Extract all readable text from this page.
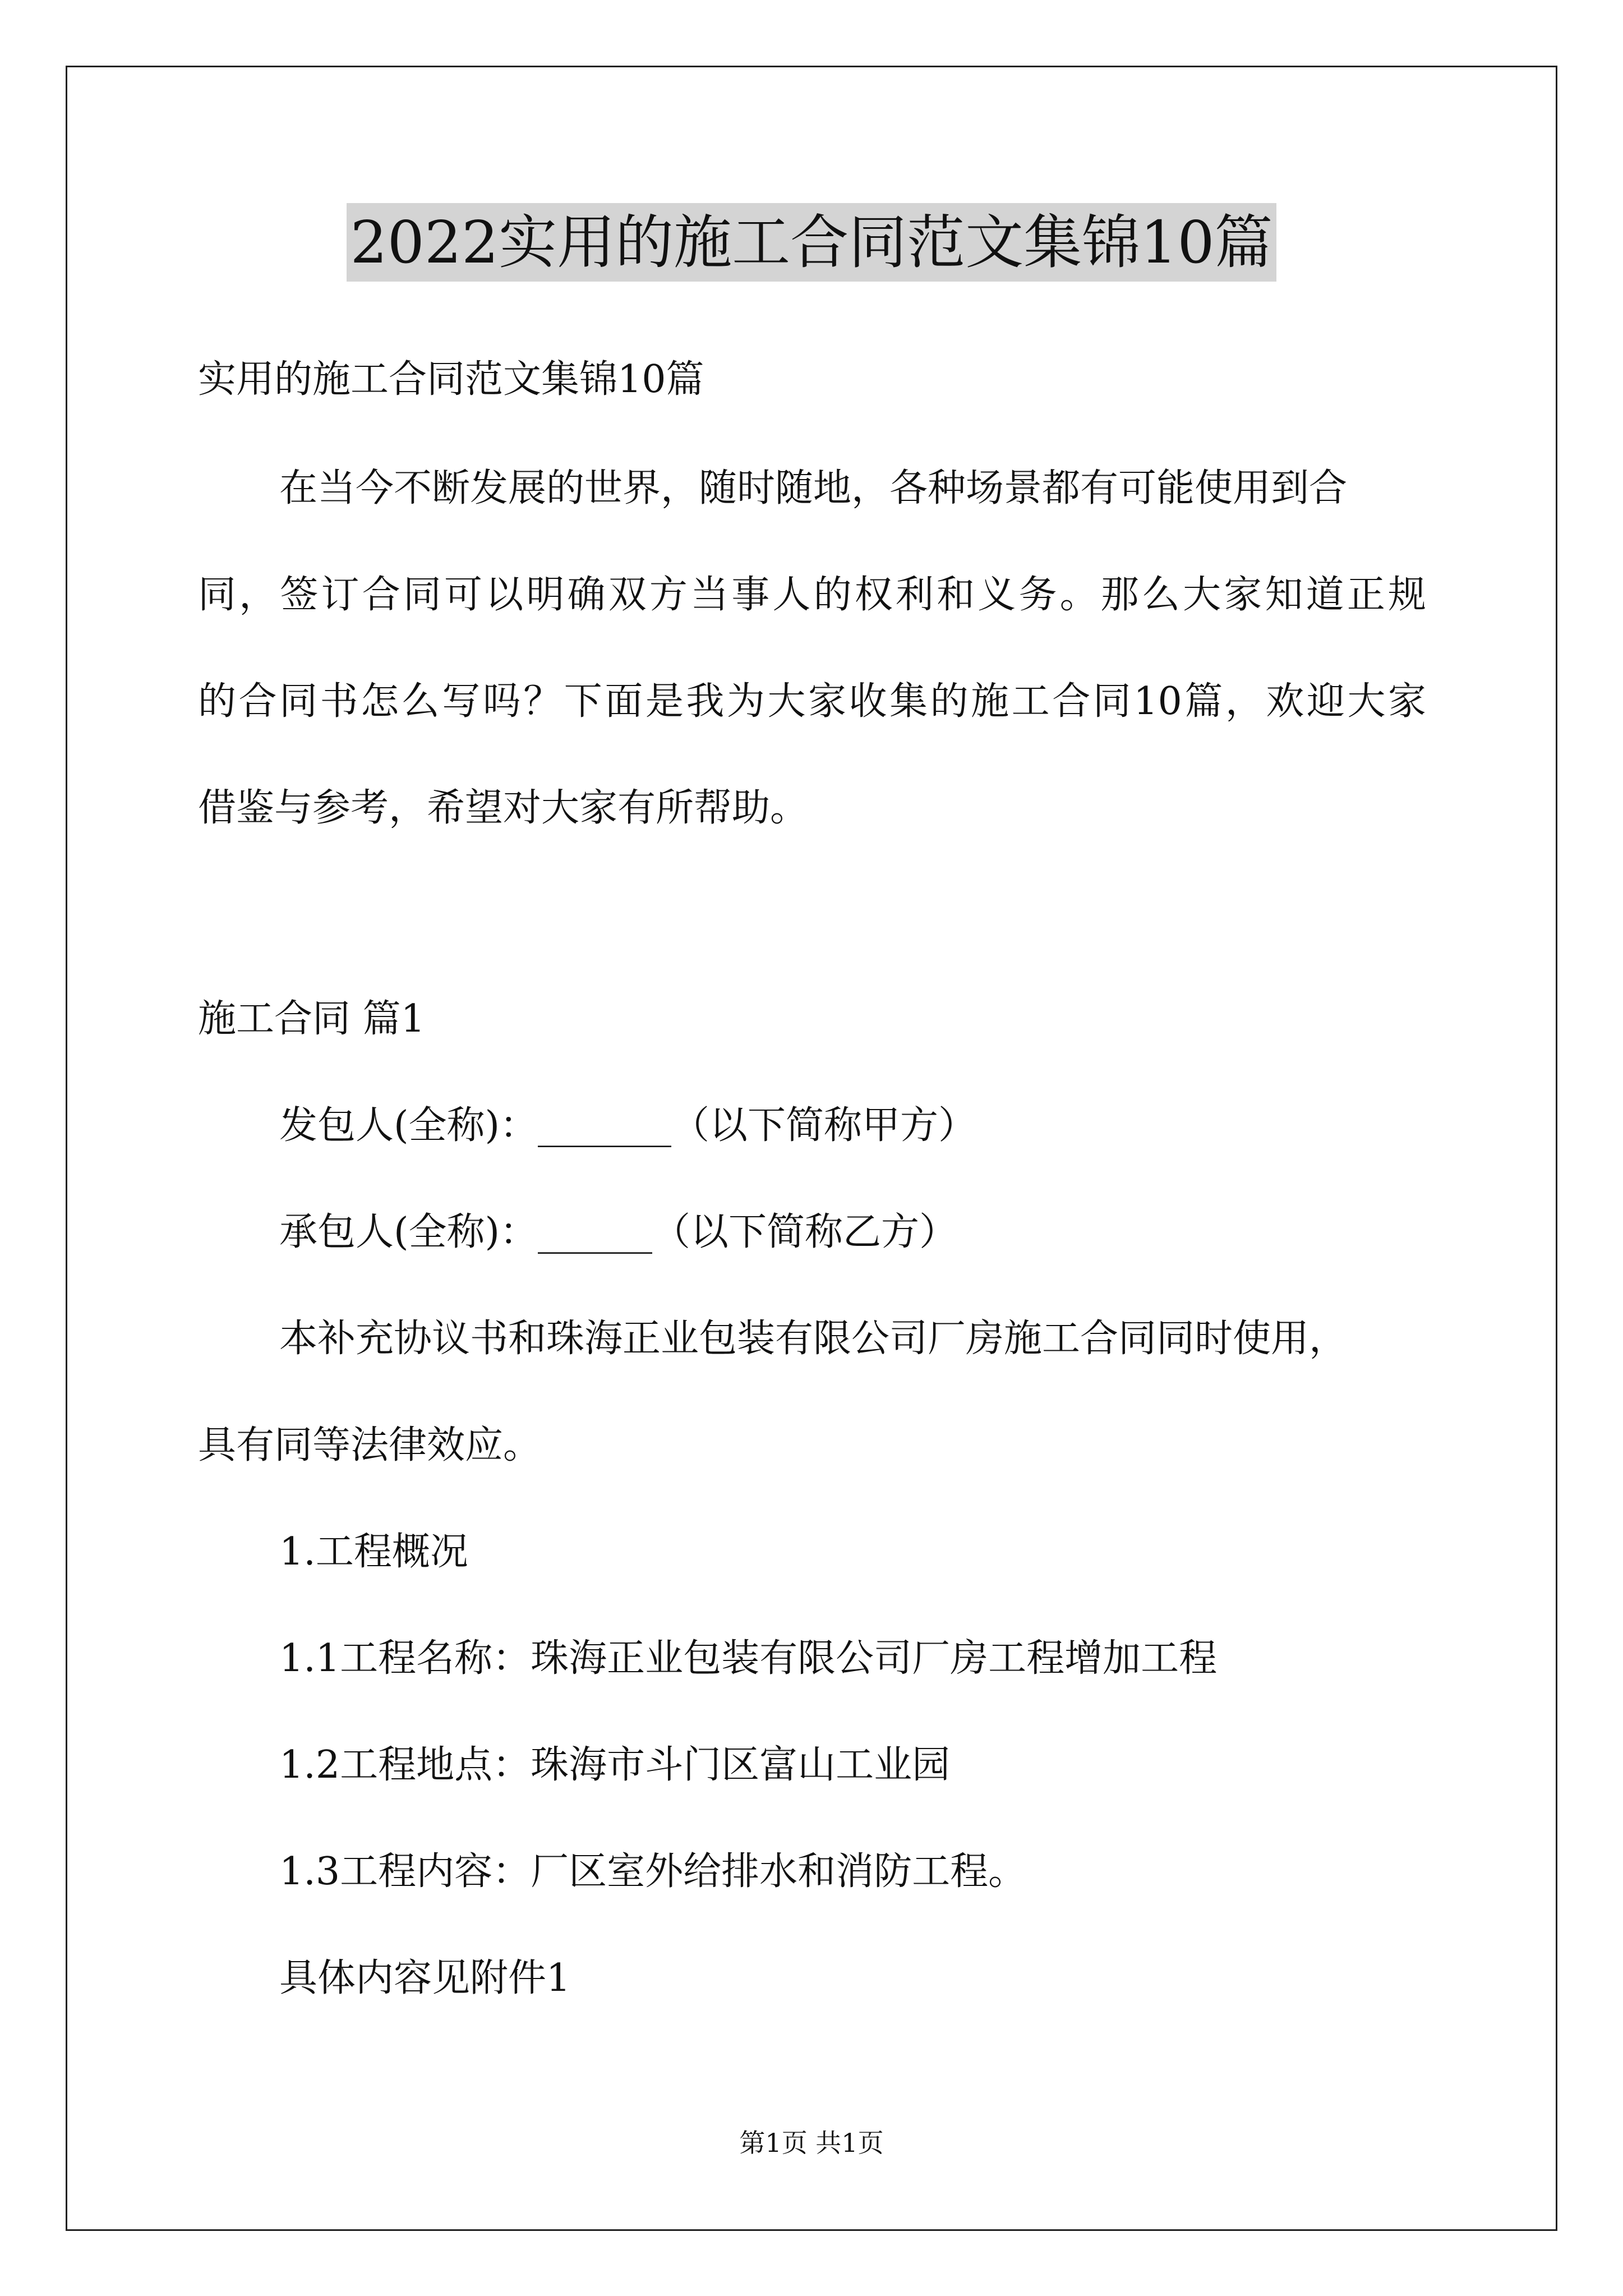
2022实用的施工合同范文集锦10篇

实用的施工合同范文集锦10篇

在当今不断发展的世界，随时随地，各种场景都有可能使用到合

同，签订合同可以明确双方当事人的权利和义务。那么大家知道正规

的合同书怎么写吗？下面是我为大家收集的施工合同10篇，欢迎大家

借鉴与参考，希望对大家有所帮助。

施工合同 篇1

发包人(全称)：_______（以下简称甲方）

承包人(全称)：______（以下简称乙方）

本补充协议书和珠海正业包装有限公司厂房施工合同同时使用，

具有同等法律效应。

1.工程概况

1.1工程名称：珠海正业包装有限公司厂房工程增加工程

1.2工程地点：珠海市斗门区富山工业园

1.3工程内容：厂区室外给排水和消防工程。

具体内容见附件1

第1页 共1页
